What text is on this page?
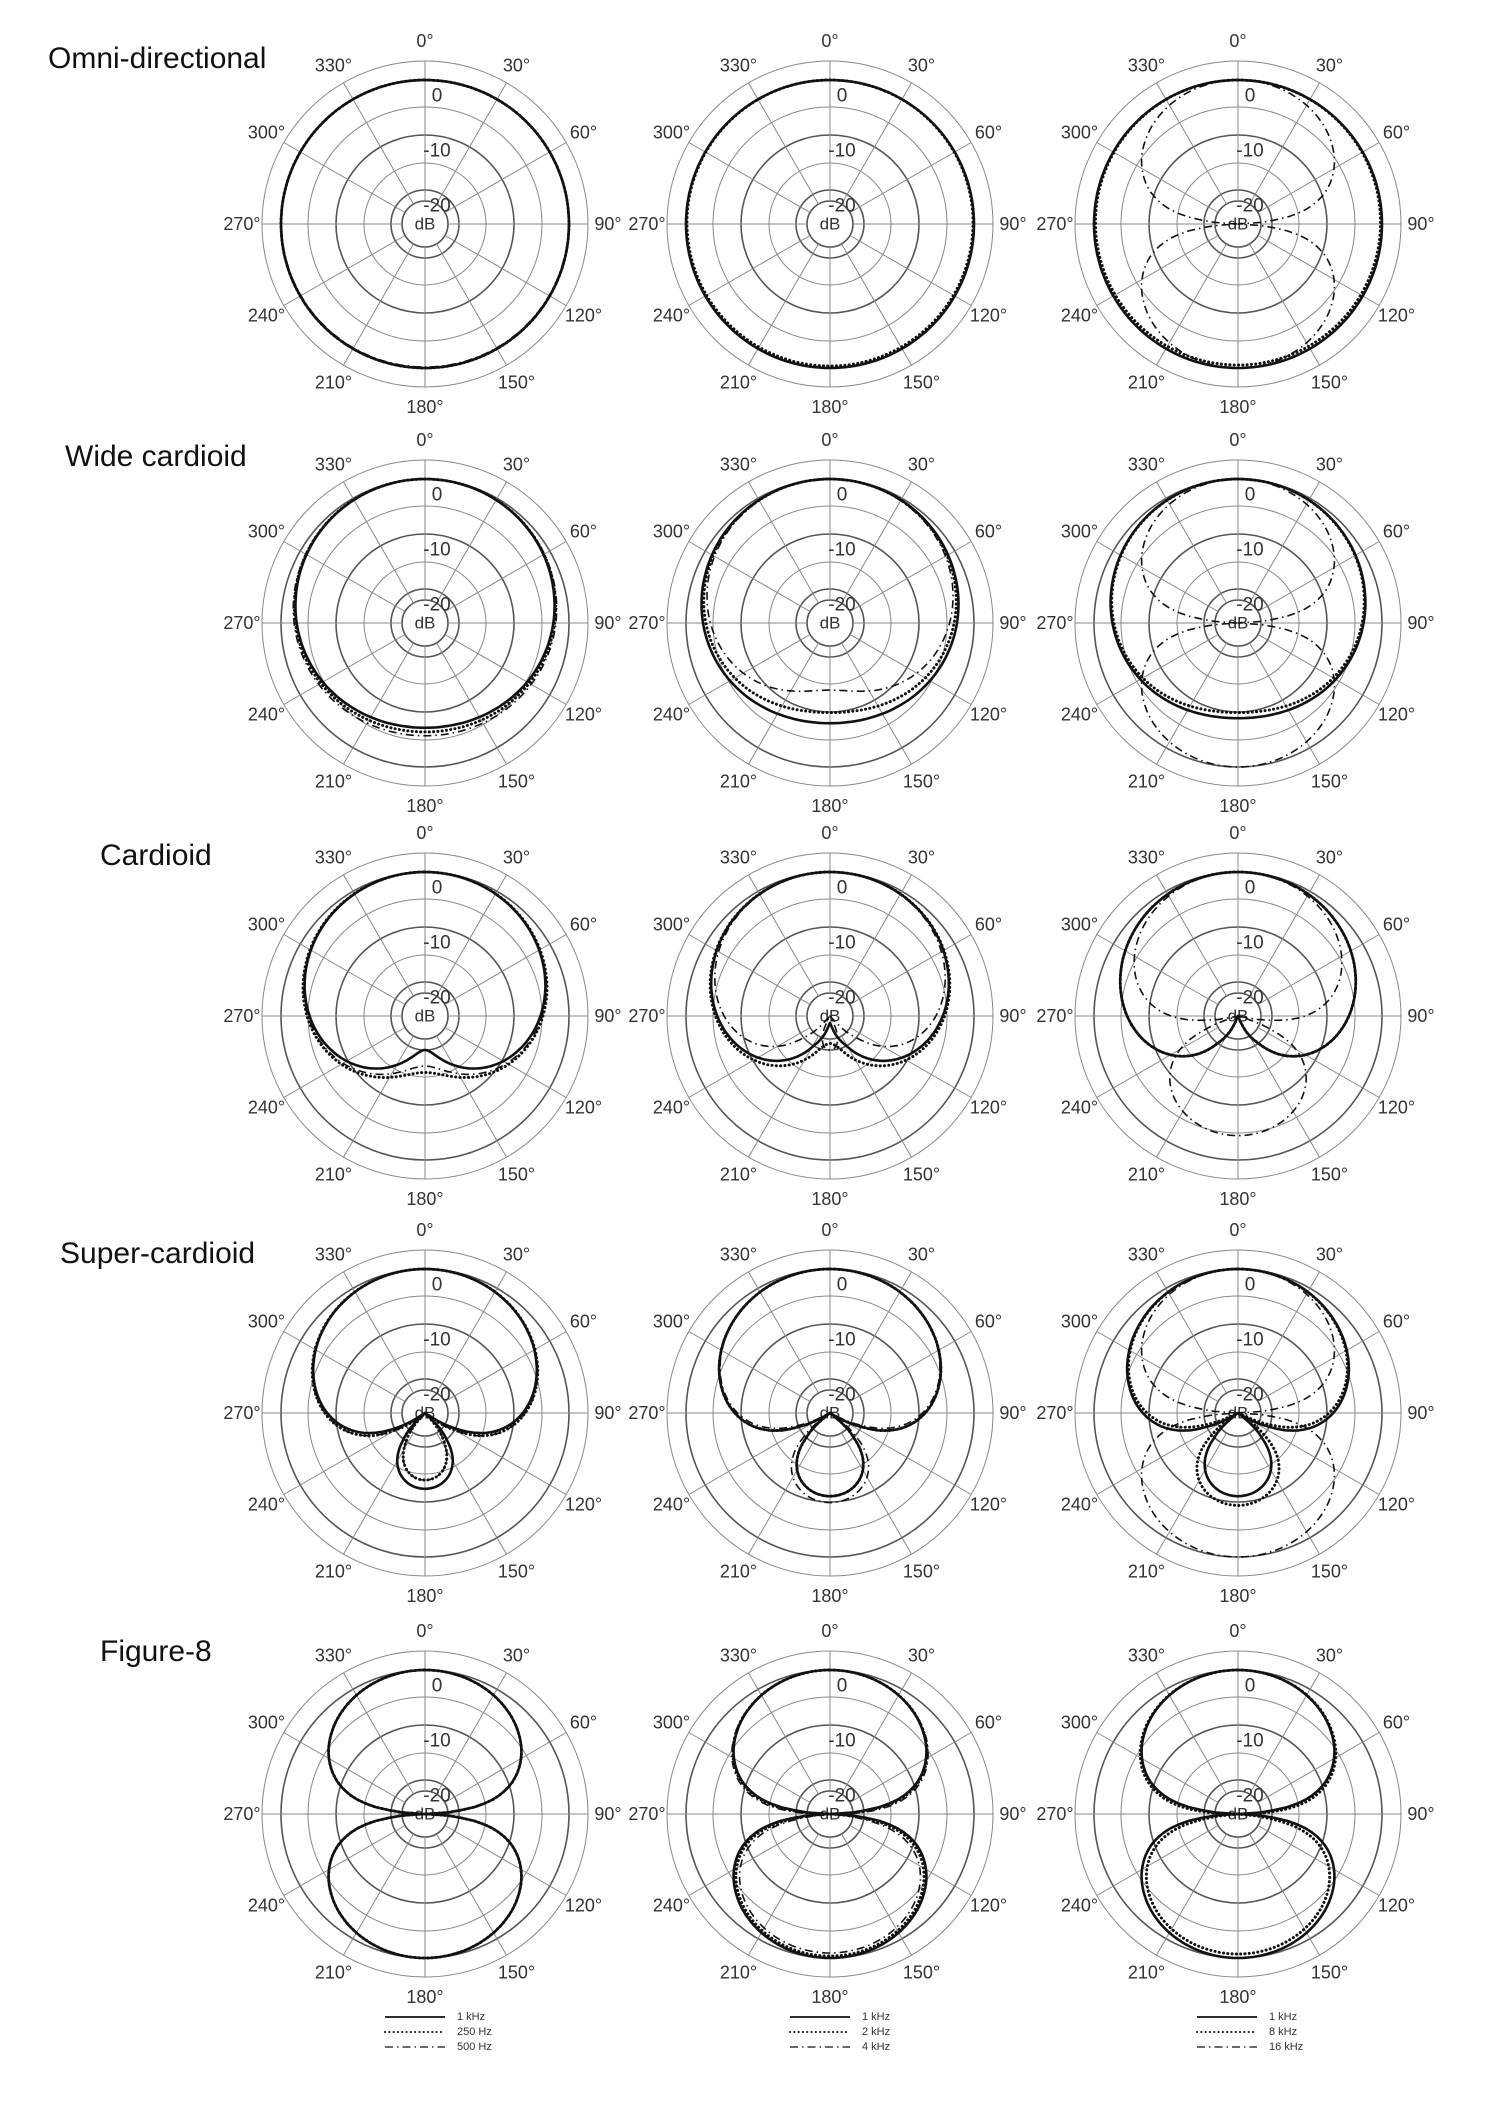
0
-10
-20
dB
0°
30°
60°
90°
120°
150°
180°
210°
240°
270°
300°
330°
0
-10
-20
dB
0°
30°
60°
90°
120°
150°
180°
210°
240°
270°
300°
330°
0
-10
-20
dB
0°
30°
60°
90°
120°
150°
180°
210°
240°
270°
300°
330°
0
-10
-20
dB
0°
30°
60°
90°
120°
150°
180°
210°
240°
270°
300°
330°
0
-10
-20
dB
0°
30°
60°
90°
120°
150°
180°
210°
240°
270°
300°
330°
0
-10
-20
dB
0°
30°
60°
90°
120°
150°
180°
210°
240°
270°
300°
330°
0
-10
-20
dB
0°
30°
60°
90°
120°
150°
180°
210°
240°
270°
300°
330°
0
-10
-20
dB
0°
30°
60°
90°
120°
150°
180°
210°
240°
270°
300°
330°
0
-10
-20
dB
0°
30°
60°
90°
120°
150°
180°
210°
240°
270°
300°
330°
0
-10
-20
dB
0°
30°
60°
90°
120°
150°
180°
210°
240°
270°
300°
330°
0
-10
-20
dB
0°
30°
60°
90°
120°
150°
180°
210°
240°
270°
300°
330°
0
-10
-20
dB
0°
30°
60°
90°
120°
150°
180°
210°
240°
270°
300°
330°
0
-10
-20
dB
0°
30°
60°
90°
120°
150°
180°
210°
240°
270°
300°
330°
0
-10
-20
dB
0°
30°
60°
90°
120°
150°
180°
210°
240°
270°
300°
330°
0
-10
-20
dB
0°
30°
60°
90°
120°
150°
180°
210°
240°
270°
300°
330°
1 kHz
250 Hz
500 Hz
1 kHz
2 kHz
4 kHz
1 kHz
8 kHz
16 kHz
Omni-directional
Wide cardioid
Cardioid
Super-cardioid
Figure-8
